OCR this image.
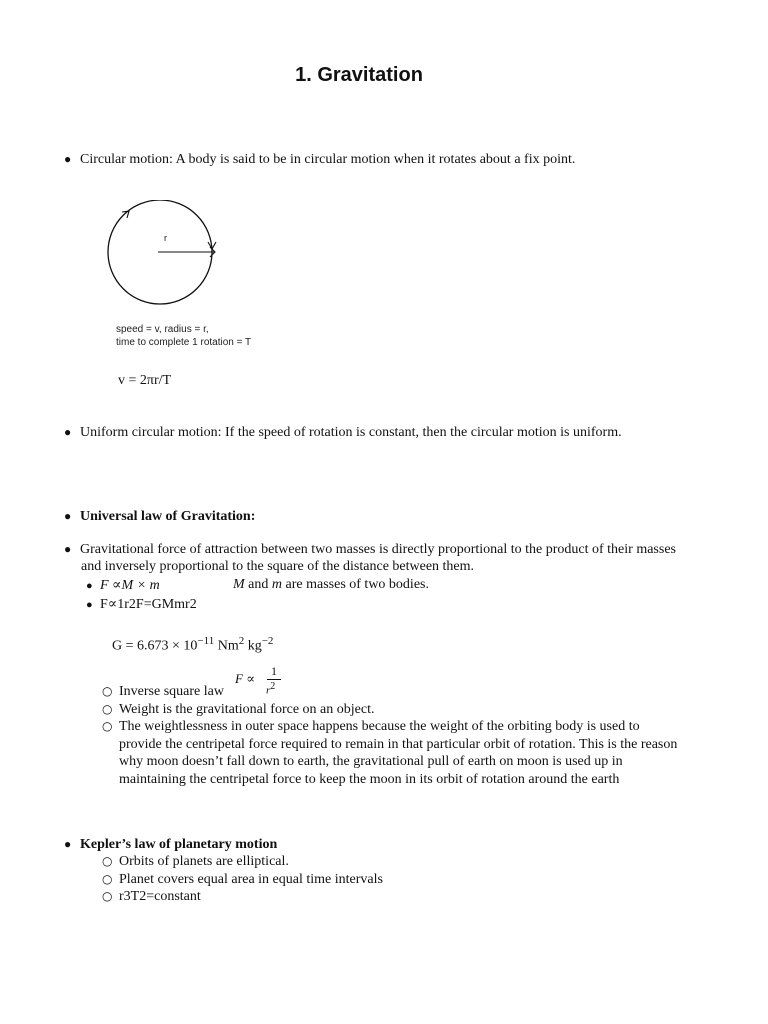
1. Gravitation
● Circular motion: A body is said to be in circular motion when it rotates about a fix point.
r
speed = v, radius = r,
time to complete 1 rotation = T
v = 2πr/T
● Uniform circular motion: If the speed of rotation is constant, then the circular motion is uniform.
● Universal law of Gravitation:
● Gravitational force of attraction between two masses is directly proportional to the product of their masses
and inversely proportional to the square of the distance between them.
● F ∝M × m	M and m are masses of two bodies.
● F∝1r2F=GMmr2
$G = 6.673 \times 10^{-11}$ Nm$^2$ $kg^{-2}$
F ∝ 1
$r^2$
○ Inverse square law
○ Weight is the gravitational force on an object.
○ The weightlessness in outer space happens because the weight of the orbiting body is used to
provide the centripetal force required to remain in that particular orbit of rotation. This is the reason
why moon doesn’t fall down to earth, the gravitational pull of earth on moon is used up in
maintaining the centripetal force to keep the moon in its orbit of rotation around the earth
● Kepler’s law of planetary motion
○ Orbits of planets are elliptical.
○ Planet covers equal area in equal time intervals
○ r3T2=constant
